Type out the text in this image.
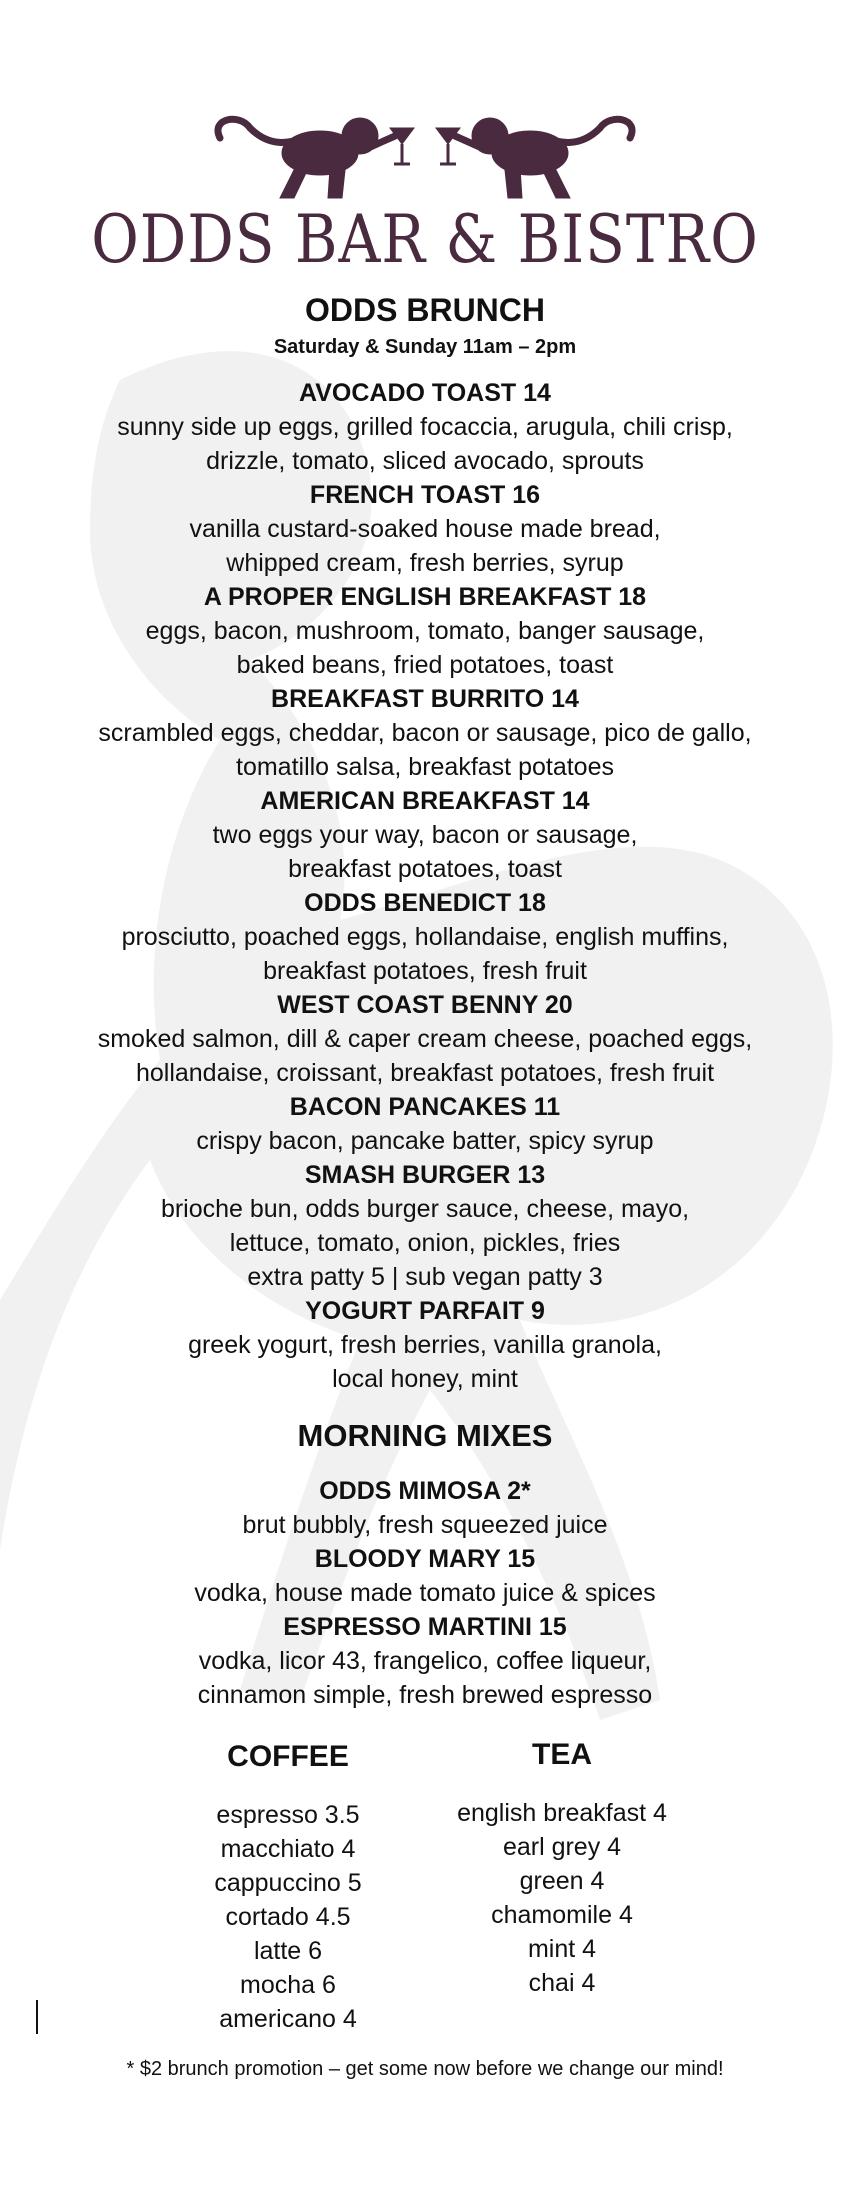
ODDS BAR & BISTRO
ODDS BRUNCH
Saturday & Sunday 11am – 2pm
AVOCADO TOAST 14
sunny side up eggs, grilled focaccia, arugula, chili crisp,
drizzle, tomato, sliced avocado, sprouts
FRENCH TOAST 16
vanilla custard-soaked house made bread,
whipped cream, fresh berries, syrup
A PROPER ENGLISH BREAKFAST 18
eggs, bacon, mushroom, tomato, banger sausage,
baked beans, fried potatoes, toast
BREAKFAST BURRITO 14
scrambled eggs, cheddar, bacon or sausage, pico de gallo,
tomatillo salsa, breakfast potatoes
AMERICAN BREAKFAST 14
two eggs your way, bacon or sausage,
breakfast potatoes, toast
ODDS BENEDICT 18
prosciutto, poached eggs, hollandaise, english muffins,
breakfast potatoes, fresh fruit
WEST COAST BENNY 20
smoked salmon, dill & caper cream cheese, poached eggs,
hollandaise, croissant, breakfast potatoes, fresh fruit
BACON PANCAKES 11
crispy bacon, pancake batter, spicy syrup
SMASH BURGER 13
brioche bun, odds burger sauce, cheese, mayo,
lettuce, tomato, onion, pickles, fries
extra patty 5 | sub vegan patty 3
YOGURT PARFAIT 9
greek yogurt, fresh berries, vanilla granola,
local honey, mint
MORNING MIXES
ODDS MIMOSA 2*
brut bubbly, fresh squeezed juice
BLOODY MARY 15
vodka, house made tomato juice & spices
ESPRESSO MARTINI 15
vodka, licor 43, frangelico, coffee liqueur,
cinnamon simple, fresh brewed espresso
COFFEE
espresso 3.5
macchiato 4
cappuccino 5
cortado 4.5
latte 6
mocha 6
americano 4
TEA
english breakfast 4
earl grey 4
green 4
chamomile 4
mint 4
chai 4
* $2 brunch promotion – get some now before we change our mind!
